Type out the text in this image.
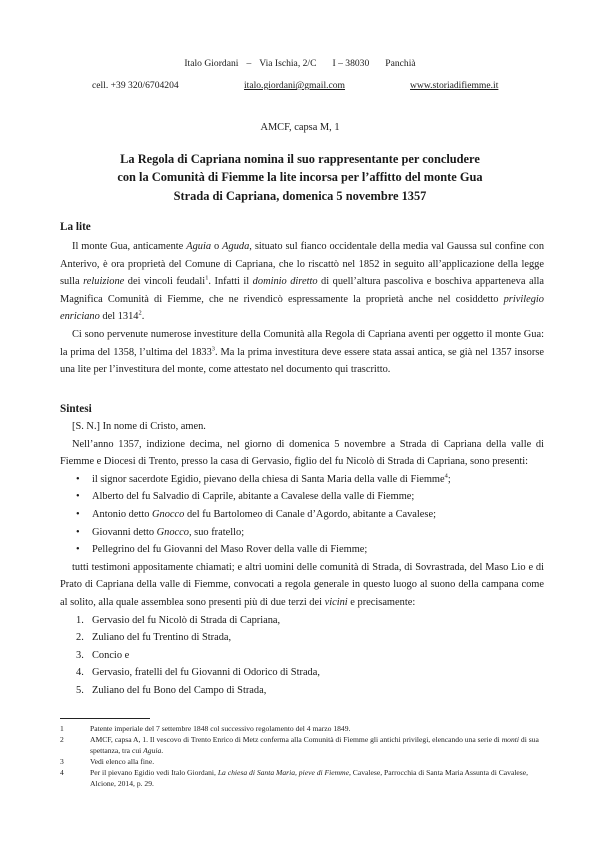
Italo Giordani – Via Ischia, 2/C I – 38030 Panchià
cell. +39 320/6704204	italo.giordani@gmail.com	www.storiadifiemme.it
AMCF, capsa M, 1
La Regola di Capriana nomina il suo rappresentante per concludere
con la Comunità di Fiemme la lite incorsa per l’affitto del monte Gua
Strada di Capriana, domenica 5 novembre 1357
La lite

Il monte Gua, anticamente Aguia o Aguda, situato sul fianco occidentale della media val Gaussa sul confine con Anterivo, è ora proprietà del Comune di Capriana, che lo riscattò nel 1852 in seguito all’applicazione della legge sulla reluizione dei vincoli feudali$^1$. Infatti il dominio diretto di quell’altura pascoliva e boschiva apparteneva alla Magnifica Comunità di Fiemme, che ne rivendicò espressamente la proprietà anche nel cosiddetto privilegio enriciano del 1314$^2$.

Ci sono pervenute numerose investiture della Comunità alla Regola di Capriana aventi per oggetto il monte Gua: la prima del 1358, l’ultima del 1833$^3$. Ma la prima investitura deve essere stata assai antica, se già nel 1357 insorse una lite per l’investitura del monte, come attestato nel documento qui trascritto.

Sintesi

[S. N.] In nome di Cristo, amen.

Nell’anno 1357, indizione decima, nel giorno di domenica 5 novembre a Strada di Capriana della valle di Fiemme e Diocesi di Trento, presso la casa di Gervasio, figlio del fu Nicolò di Strada di Capriana, sono presenti:

• il signor sacerdote Egidio, pievano della chiesa di Santa Maria della valle di Fiemme$^4$;
• Alberto del fu Salvadio di Caprile, abitante a Cavalese della valle di Fiemme;
• Antonio detto Gnocco del fu Bartolomeo di Canale d’Agordo, abitante a Cavalese;
• Giovanni detto Gnocco, suo fratello;
• Pellegrino del fu Giovanni del Maso Rover della valle di Fiemme;

tutti testimoni appositamente chiamati; e altri uomini delle comunità di Strada, di Sovrastrada, del Maso Lio e di Prato di Capriana della valle di Fiemme, convocati a regola generale in questo luogo al suono della campana come al solito, alla quale assemblea sono presenti più di due terzi dei vicini e precisamente:

1. Gervasio del fu Nicolò di Strada di Capriana,
2. Zuliano del fu Trentino di Strada,
3. Concio e
4. Gervasio, fratelli del fu Giovanni di Odorico di Strada,
5. Zuliano del fu Bono del Campo di Strada,
1	Patente imperiale del 7 settembre 1848 col successivo regolamento del 4 marzo 1849.
2	AMCF, capsa A, 1. Il vescovo di Trento Enrico di Metz conferma alla Comunità di Fiemme gli antichi privilegi, elencando una serie di monti di sua spettanza, tra cui Aguia.
3	Vedi elenco alla fine.
4	Per il pievano Egidio vedi Italo Giordani, La chiesa di Santa Maria, pieve di Fiemme, Cavalese, Parrocchia di Santa Maria Assunta di Cavalese, Alcione, 2014, p. 29.
